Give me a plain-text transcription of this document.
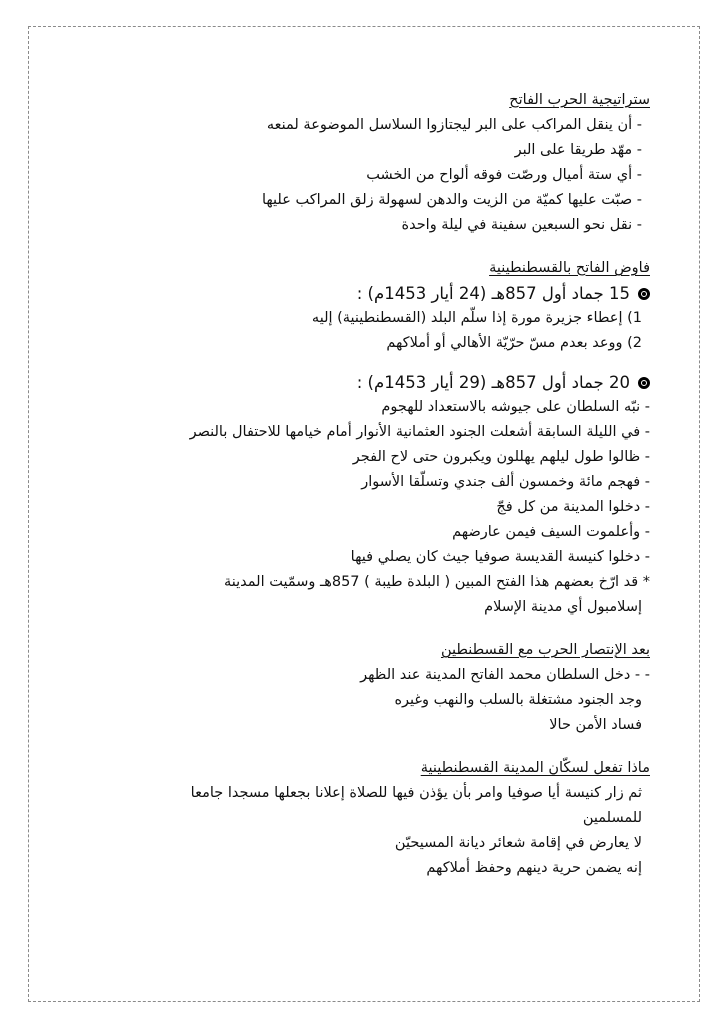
ستراتيجية الحرب الفاتح
- أن ينقل المراكب على البر ليجتازوا السلاسل الموضوعة لمنعه
- مهّد طريقا على البر
- أي ستة أميال ورصّت فوقه ألواح من الخشب
- صبّت عليها كميّة من الزيت والدهن لسهولة زلق المراكب عليها
- نقل نحو السبعين سفينة في ليلة واحدة
فاوض الفاتح بالقسطنطينية
15 جماد أول 857هـ (24 أيار 1453م) :
1) إعطاء جزيرة مورة إذا سلّم البلد (القسطنطينية) إليه
2) ووعد بعدم مسّ حرّيّة الأهالي أو أملاكهم
20 جماد أول 857هـ (29 أيار 1453م) :
- نبّه السلطان على جيوشه بالاستعداد للهجوم
- في الليلة السابقة أشعلت الجنود العثمانية الأنوار أمام خيامها للاحتفال بالنصر
- ظالوا طول ليلهم يهللون ويكبرون حتى لاح الفجر
- فهجم مائة وخمسون ألف جندي وتسلّقا الأسوار
- دخلوا المدينة من كل فجّ
- وأعلموت السيف فيمن عارضهم
- دخلوا كنيسة القديسة صوفيا جيث كان يصلي فيها
* قد ارّخ بعضهم هذا الفتح المبين ( البلدة طيبة ) 857هـ وسمّيت المدينة
إسلامبول أي مدينة الإسلام
بعد الإنتصار الحرب مع القسطنطين
- - دخل السلطان محمد الفاتح المدينة عند الظهر
وجد الجنود مشتغلة بالسلب والنهب وغيره
فساد الأمن حالا
ماذا تفعل لسكّان المدينة القسطنطينية
ثم زار كنيسة أيا صوفيا وامر بأن يؤذن فيها للصلاة إعلانا بجعلها مسجدا جامعا
للمسلمين
لا يعارض في إقامة شعائر ديانة المسيحيّن
إنه يضمن حرية دينهم وحفظ أملاكهم
